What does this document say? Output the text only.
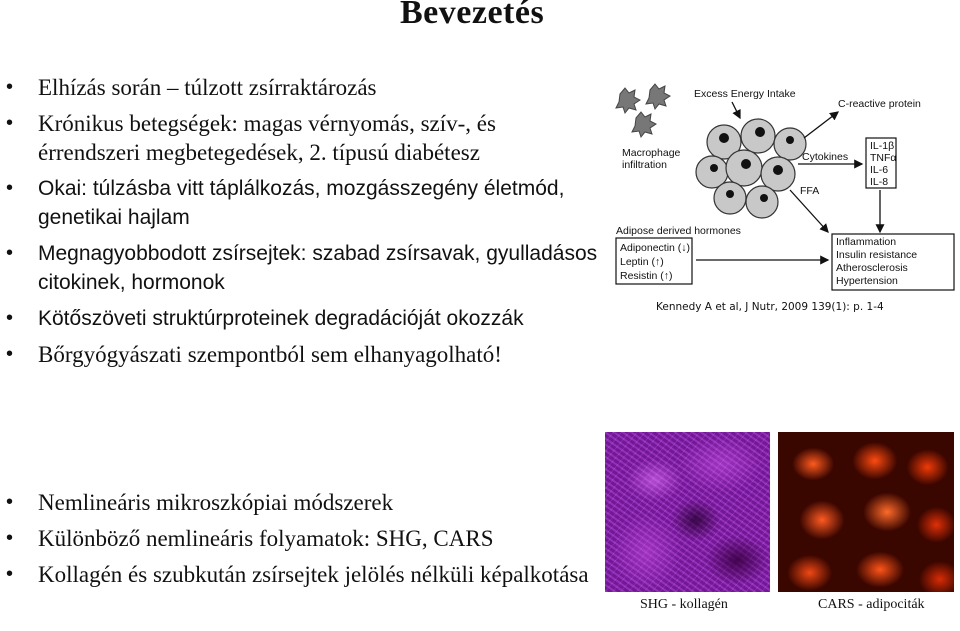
Bevezetés
• Elhízás során – túlzott zsírraktározás
• Krónikus betegségek: magas vérnyomás, szív-, és érrendszeri megbetegedések, 2. típusú diabétesz
• Okai: túlzásba vitt táplálkozás, mozgásszegény életmód, genetikai hajlam
• Megnagyobbodott zsírsejtek: szabad zsírsavak, gyulladásos citokinek, hormonok
• Kötőszöveti struktúrproteinek degradációját okozzák
• Bőrgyógyászati szempontból sem elhanyagolható!
• Nemlineáris mikroszkópiai módszerek
• Különböző nemlineáris folyamatok: SHG, CARS
• Kollagén és szubkután zsírsejtek jelölés nélküli képalkotása
Macrophage
infiltration
Excess Energy Intake
C-reactive protein
Cytokines
IL-1β
TNFα
IL-6
IL-8
FFA
Adipose derived hormones
Adiponectin (↓)
Leptin (↑)
Resistin (↑)
Inflammation
Insulin resistance
Atherosclerosis
Hypertension
Kennedy A et al, J Nutr, 2009 139(1): p. 1-4
SHG - kollagén	CARS - adipociták
